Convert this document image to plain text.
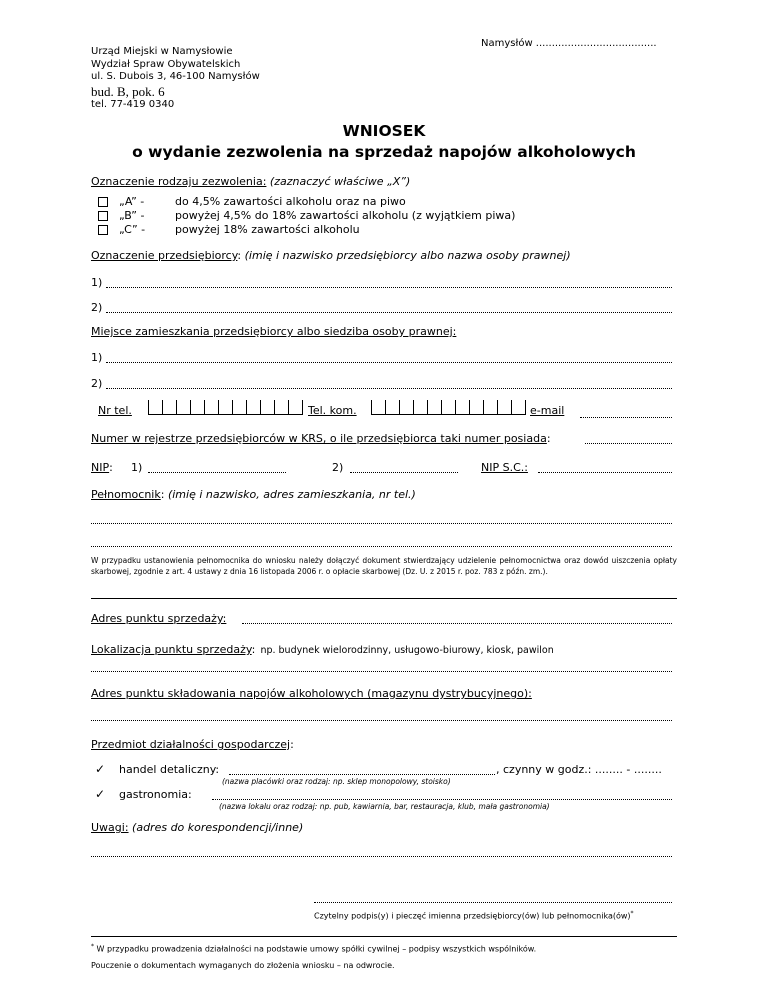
Namysłów ......................................
Urząd Miejski w Namysłowie
Wydział Spraw Obywatelskich
ul. S. Dubois 3, 46-100 Namysłów
bud. B, pok. 6
tel. 77-419 0340
WNIOSEK
o wydanie zezwolenia na sprzedaż napojów alkoholowych
Oznaczenie rodzaju zezwolenia: (zaznaczyć właściwe „X”)
„A” -	do 4,5% zawartości alkoholu oraz na piwo
„B” -	powyżej 4,5% do 18% zawartości alkoholu (z wyjątkiem piwa)
„C” -	powyżej 18% zawartości alkoholu
Oznaczenie przedsiębiorcy: (imię i nazwisko przedsiębiorcy albo nazwa osoby prawnej)
1)
2)
Miejsce zamieszkania przedsiębiorcy albo siedziba osoby prawnej:
1)
2)
Nr tel.	Tel. kom.	e-mail
Numer w rejestrze przedsiębiorców w KRS, o ile przedsiębiorca taki numer posiada:
NIP: 1)	2)	NIP S.C.:
Pełnomocnik: (imię i nazwisko, adres zamieszkania, nr tel.)
W przypadku ustanowienia pełnomocnika do wniosku należy dołączyć dokument stwierdzający udzielenie pełnomocnictwa oraz dowód uiszczenia opłaty skarbowej, zgodnie z art. 4 ustawy z dnia 16 listopada 2006 r. o opłacie skarbowej (Dz. U. z 2015 r. poz. 783 z późn. zm.).
Adres punktu sprzedaży:
Lokalizacja punktu sprzedaży: np. budynek wielorodzinny, usługowo-biurowy, kiosk, pawilon
Adres punktu składowania napojów alkoholowych (magazynu dystrybucyjnego):
Przedmiot działalności gospodarczej:
✓ handel detaliczny:	, czynny w godz.: ........ - ........
(nazwa placówki oraz rodzaj: np. sklep monopolowy, stoisko)
✓ gastronomia:
(nazwa lokalu oraz rodzaj: np. pub, kawiarnia, bar, restauracja, klub, mała gastronomia)
Uwagi: (adres do korespondencji/inne)
Czytelny podpis(y) i pieczęć imienna przedsiębiorcy(ów) lub pełnomocnika(ów)*
* W przypadku prowadzenia działalności na podstawie umowy spółki cywilnej – podpisy wszystkich wspólników.
Pouczenie o dokumentach wymaganych do złożenia wniosku – na odwrocie.
